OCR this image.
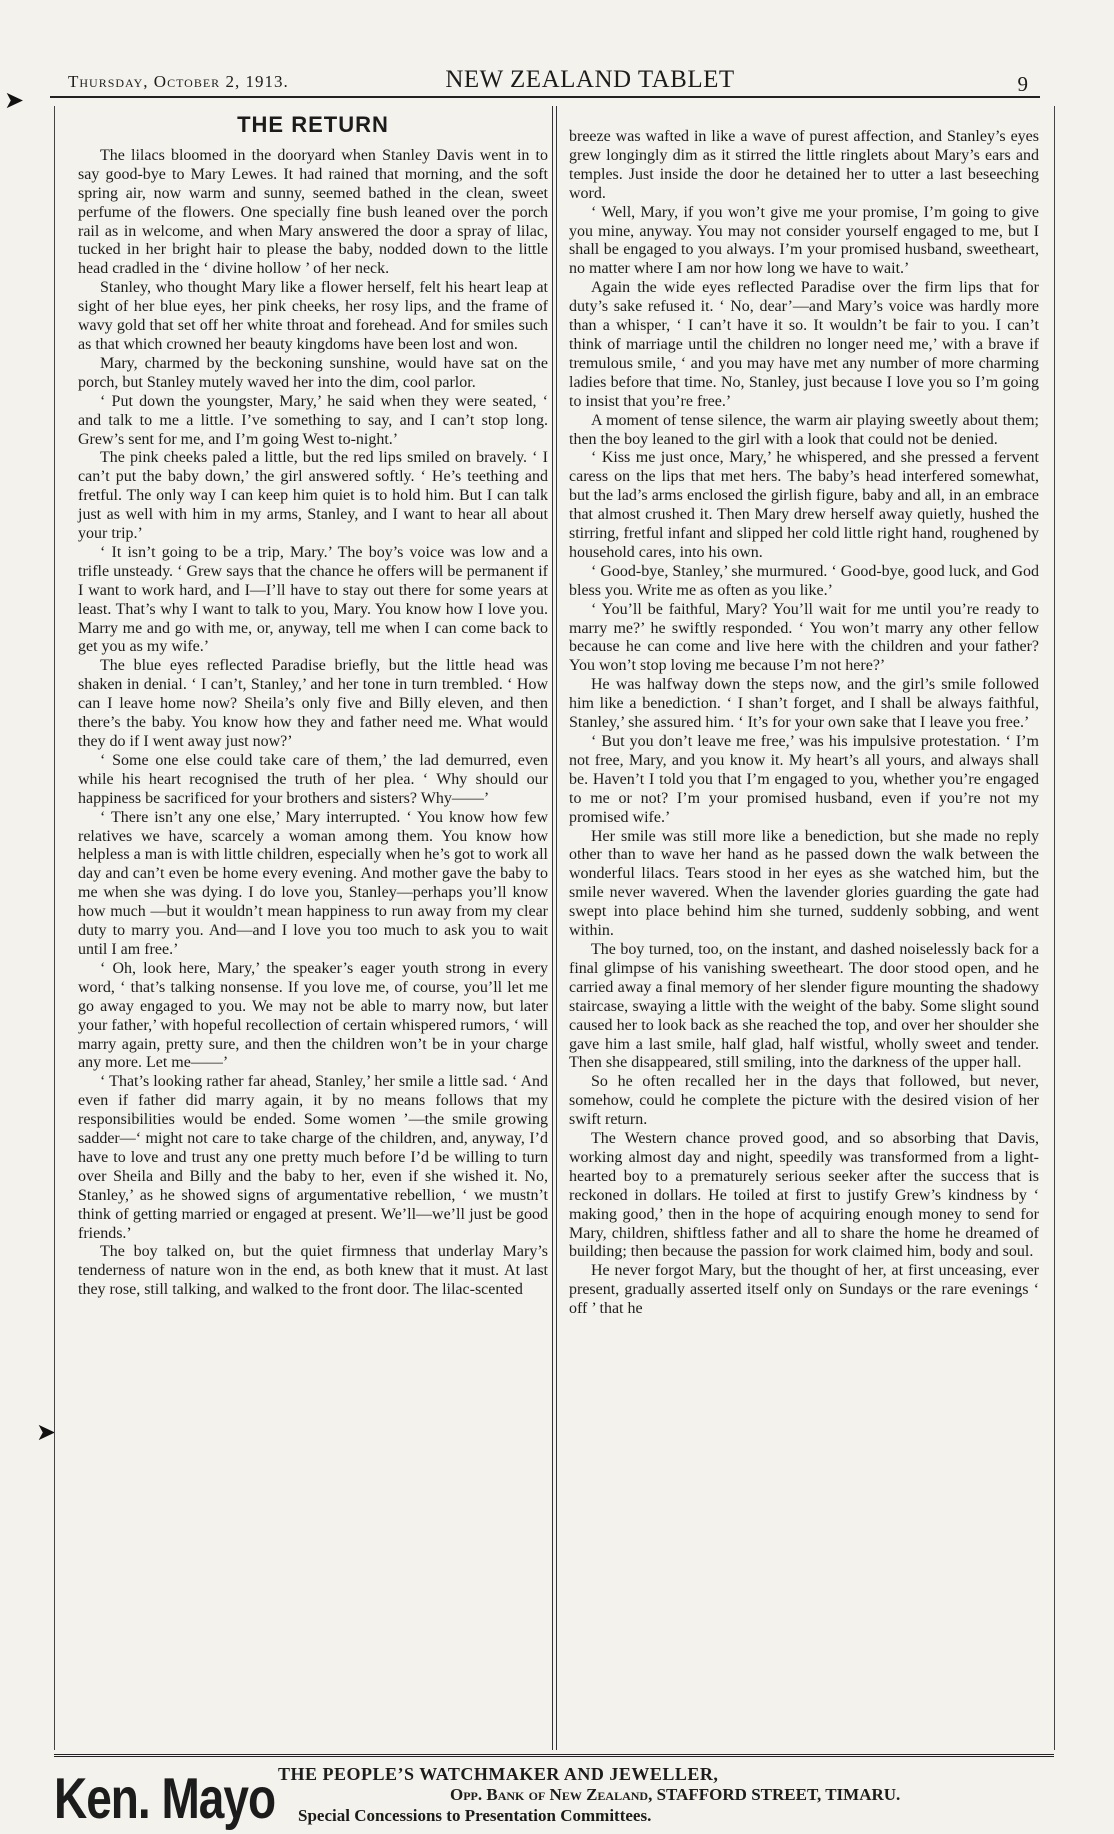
Thursday, October 2, 1913.	NEW ZEALAND TABLET	9
➤
➤
THE RETURN

The lilacs bloomed in the dooryard when Stanley Davis went in to say good-bye to Mary Lewes. It had rained that morning, and the soft spring air, now warm and sunny, seemed bathed in the clean, sweet perfume of the flowers. One specially fine bush leaned over the porch rail as in welcome, and when Mary answered the door a spray of lilac, tucked in her bright hair to please the baby, nodded down to the little head cradled in the ‘ divine hollow ’ of her neck.

Stanley, who thought Mary like a flower herself, felt his heart leap at sight of her blue eyes, her pink cheeks, her rosy lips, and the frame of wavy gold that set off her white throat and forehead. And for smiles such as that which crowned her beauty kingdoms have been lost and won.

Mary, charmed by the beckoning sunshine, would have sat on the porch, but Stanley mutely waved her into the dim, cool parlor.

‘ Put down the youngster, Mary,’ he said when they were seated, ‘ and talk to me a little. I’ve something to say, and I can’t stop long. Grew’s sent for me, and I’m going West to-night.’

The pink cheeks paled a little, but the red lips smiled on bravely. ‘ I can’t put the baby down,’ the girl answered softly. ‘ He’s teething and fretful. The only way I can keep him quiet is to hold him. But I can talk just as well with him in my arms, Stanley, and I want to hear all about your trip.’

‘ It isn’t going to be a trip, Mary.’ The boy’s voice was low and a trifle unsteady. ‘ Grew says that the chance he offers will be permanent if I want to work hard, and I—I’ll have to stay out there for some years at least. That’s why I want to talk to you, Mary. You know how I love you. Marry me and go with me, or, anyway, tell me when I can come back to get you as my wife.’

The blue eyes reflected Paradise briefly, but the little head was shaken in denial. ‘ I can’t, Stanley,’ and her tone in turn trembled. ‘ How can I leave home now? Sheila’s only five and Billy eleven, and then there’s the baby. You know how they and father need me. What would they do if I went away just now?’

‘ Some one else could take care of them,’ the lad demurred, even while his heart recognised the truth of her plea. ‘ Why should our happiness be sacrificed for your brothers and sisters? Why——’

‘ There isn’t any one else,’ Mary interrupted. ‘ You know how few relatives we have, scarcely a woman among them. You know how helpless a man is with little children, especially when he’s got to work all day and can’t even be home every evening. And mother gave the baby to me when she was dying. I do love you, Stanley—perhaps you’ll know how much —but it wouldn’t mean happiness to run away from my clear duty to marry you. And—and I love you too much to ask you to wait until I am free.’

‘ Oh, look here, Mary,’ the speaker’s eager youth strong in every word, ‘ that’s talking nonsense. If you love me, of course, you’ll let me go away engaged to you. We may not be able to marry now, but later your father,’ with hopeful recollection of certain whispered rumors, ‘ will marry again, pretty sure, and then the children won’t be in your charge any more. Let me——’

‘ That’s looking rather far ahead, Stanley,’ her smile a little sad. ‘ And even if father did marry again, it by no means follows that my responsibilities would be ended. Some women ’—the smile growing sadder—‘ might not care to take charge of the children, and, anyway, I’d have to love and trust any one pretty much before I’d be willing to turn over Sheila and Billy and the baby to her, even if she wished it. No, Stanley,’ as he showed signs of argumentative rebellion, ‘ we mustn’t think of getting married or engaged at present. We’ll—we’ll just be good friends.’

The boy talked on, but the quiet firmness that underlay Mary’s tenderness of nature won in the end, as both knew that it must. At last they rose, still talking, and walked to the front door. The lilac-scented

breeze was wafted in like a wave of purest affection, and Stanley’s eyes grew longingly dim as it stirred the little ringlets about Mary’s ears and temples. Just inside the door he detained her to utter a last beseeching word.

‘ Well, Mary, if you won’t give me your promise, I’m going to give you mine, anyway. You may not consider yourself engaged to me, but I shall be engaged to you always. I’m your promised husband, sweetheart, no matter where I am nor how long we have to wait.’

Again the wide eyes reflected Paradise over the firm lips that for duty’s sake refused it. ‘ No, dear’—and Mary’s voice was hardly more than a whisper, ‘ I can’t have it so. It wouldn’t be fair to you. I can’t think of marriage until the children no longer need me,’ with a brave if tremulous smile, ‘ and you may have met any number of more charming ladies before that time. No, Stanley, just because I love you so I’m going to insist that you’re free.’

A moment of tense silence, the warm air playing sweetly about them; then the boy leaned to the girl with a look that could not be denied.

‘ Kiss me just once, Mary,’ he whispered, and she pressed a fervent caress on the lips that met hers. The baby’s head interfered somewhat, but the lad’s arms enclosed the girlish figure, baby and all, in an embrace that almost crushed it. Then Mary drew herself away quietly, hushed the stirring, fretful infant and slipped her cold little right hand, roughened by household cares, into his own.

‘ Good-bye, Stanley,’ she murmured. ‘ Good-bye, good luck, and God bless you. Write me as often as you like.’

‘ You’ll be faithful, Mary? You’ll wait for me until you’re ready to marry me?’ he swiftly responded. ‘ You won’t marry any other fellow because he can come and live here with the children and your father? You won’t stop loving me because I’m not here?’

He was halfway down the steps now, and the girl’s smile followed him like a benediction. ‘ I shan’t forget, and I shall be always faithful, Stanley,’ she assured him. ‘ It’s for your own sake that I leave you free.’

‘ But you don’t leave me free,’ was his impulsive protestation. ‘ I’m not free, Mary, and you know it. My heart’s all yours, and always shall be. Haven’t I told you that I’m engaged to you, whether you’re engaged to me or not? I’m your promised husband, even if you’re not my promised wife.’

Her smile was still more like a benediction, but she made no reply other than to wave her hand as he passed down the walk between the wonderful lilacs. Tears stood in her eyes as she watched him, but the smile never wavered. When the lavender glories guarding the gate had swept into place behind him she turned, suddenly sobbing, and went within.

The boy turned, too, on the instant, and dashed noiselessly back for a final glimpse of his vanishing sweetheart. The door stood open, and he carried away a final memory of her slender figure mounting the shadowy staircase, swaying a little with the weight of the baby. Some slight sound caused her to look back as she reached the top, and over her shoulder she gave him a last smile, half glad, half wistful, wholly sweet and tender. Then she disappeared, still smiling, into the darkness of the upper hall.

So he often recalled her in the days that followed, but never, somehow, could he complete the picture with the desired vision of her swift return.

The Western chance proved good, and so absorbing that Davis, working almost day and night, speedily was transformed from a light-hearted boy to a prematurely serious seeker after the success that is reckoned in dollars. He toiled at first to justify Grew’s kindness by ‘ making good,’ then in the hope of acquiring enough money to send for Mary, children, shiftless father and all to share the home he dreamed of building; then because the passion for work claimed him, body and soul.

He never forgot Mary, but the thought of her, at first unceasing, ever present, gradually asserted itself only on Sundays or the rare evenings ‘ off ’ that he

Ken. Mayo THE PEOPLE’S WATCHMAKER AND JEWELLER,
Opp. Bank of New Zealand, STAFFORD STREET, TIMARU.
Special Concessions to Presentation Committees.
